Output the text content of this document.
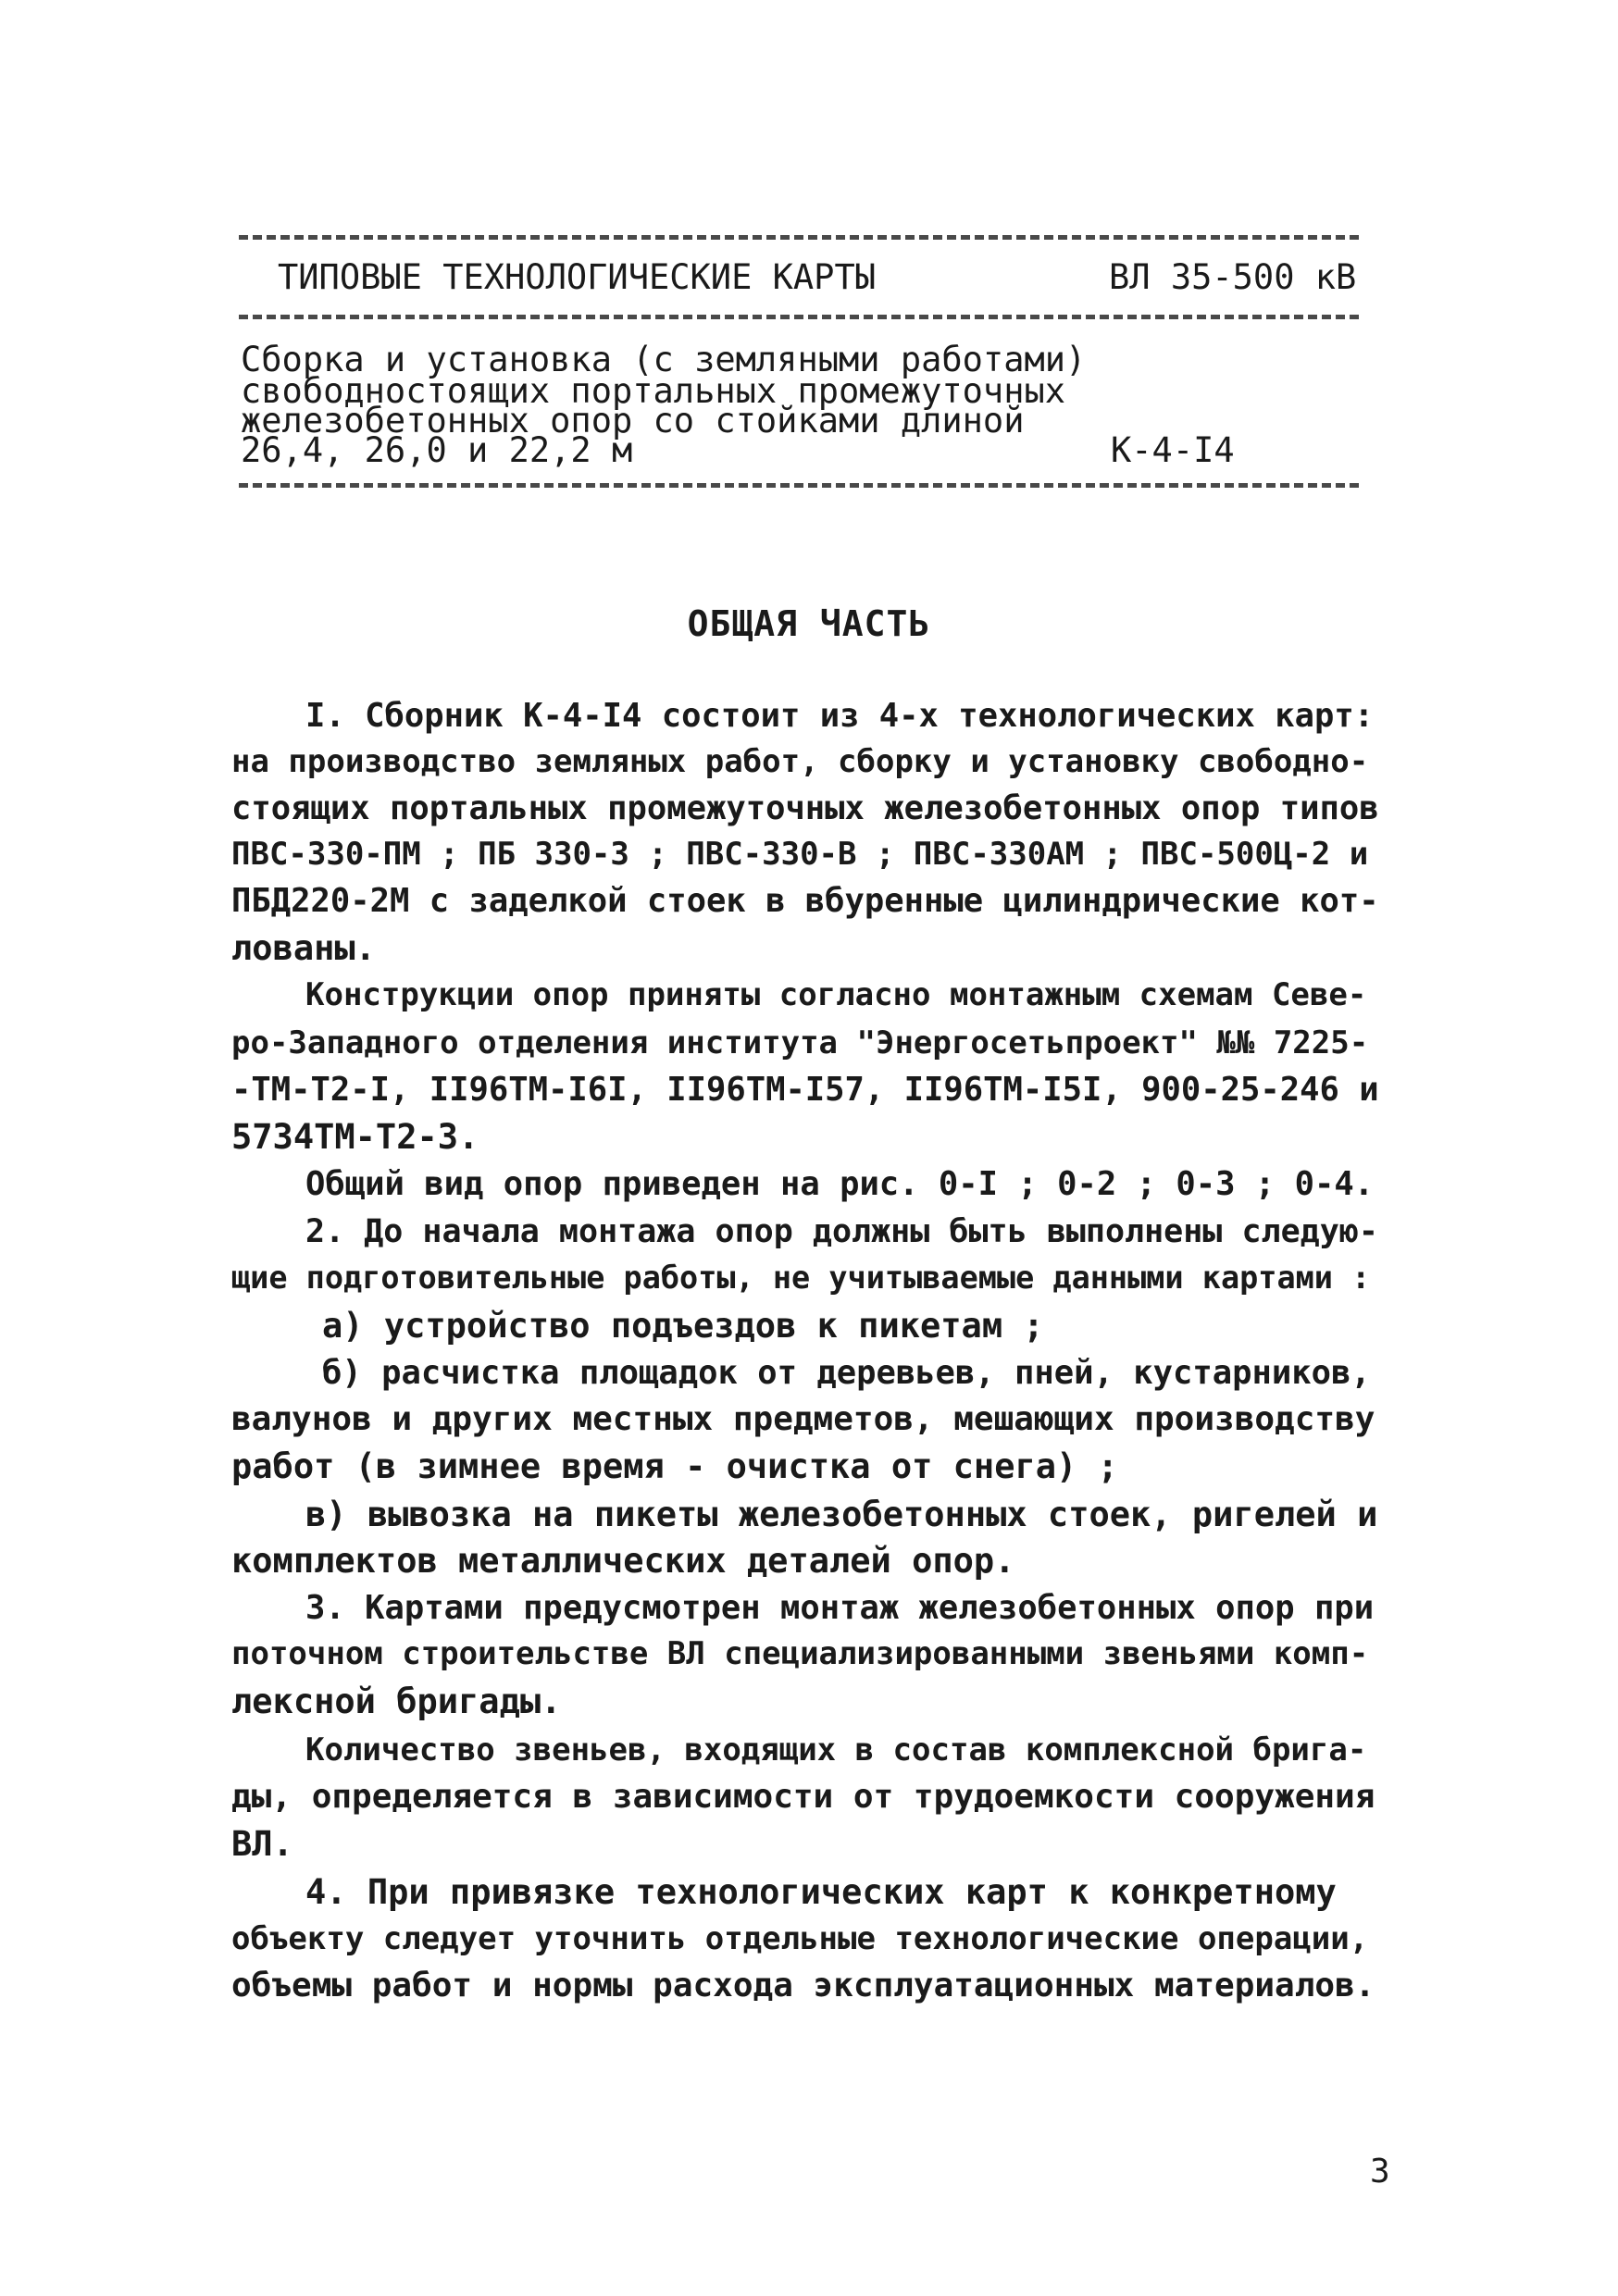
ТИПОВЫЕ ТЕХНОЛОГИЧЕСКИЕ КАРТЫ	ВЛ 35-500 кВ
Сборка и установка (с земляными работами)
свободностоящих портальных промежуточных
железобетонных опор со стойками длиной
26,4, 26,0 и 22,2 м	К-4-I4
ОБЩАЯ ЧАСТЬ
I. Сборник К-4-I4 состоит из 4-х технологических карт:
на производство земляных работ, сборку и установку свободно-
стоящих портальных промежуточных железобетонных опор типов
ПВС-330-ПМ ; ПБ 330-3 ; ПВС-330-В ; ПВС-330АМ ; ПВС-500Ц-2 и
ПБД220-2М с заделкой стоек в вбуренные цилиндрические кот-
лованы.
Конструкции опор приняты согласно монтажным схемам Севе-
ро-Западного отделения института "Энергосетьпроект" №№ 7225-
-ТМ-Т2-I, II96ТМ-I6I, II96ТМ-I57, II96ТМ-I5I, 900-25-246 и
5734ТМ-Т2-3.
Общий вид опор приведен на рис. 0-I ; 0-2 ; 0-3 ; 0-4.
2. До начала монтажа опор должны быть выполнены следую-
щие подготовительные работы, не учитываемые данными картами :
а) устройство подъездов к пикетам ;
б) расчистка площадок от деревьев, пней, кустарников,
валунов и других местных предметов, мешающих производству
работ (в зимнее время - очистка от снега) ;
в) вывозка на пикеты железобетонных стоек, ригелей и
комплектов металлических деталей опор.
3. Картами предусмотрен монтаж железобетонных опор при
поточном строительстве ВЛ специализированными звеньями комп-
лексной бригады.
Количество звеньев, входящих в состав комплексной брига-
ды, определяется в зависимости от трудоемкости сооружения
ВЛ.
4. При привязке технологических карт к конкретному
объекту следует уточнить отдельные технологические операции,
объемы работ и нормы расхода эксплуатационных материалов.
3
